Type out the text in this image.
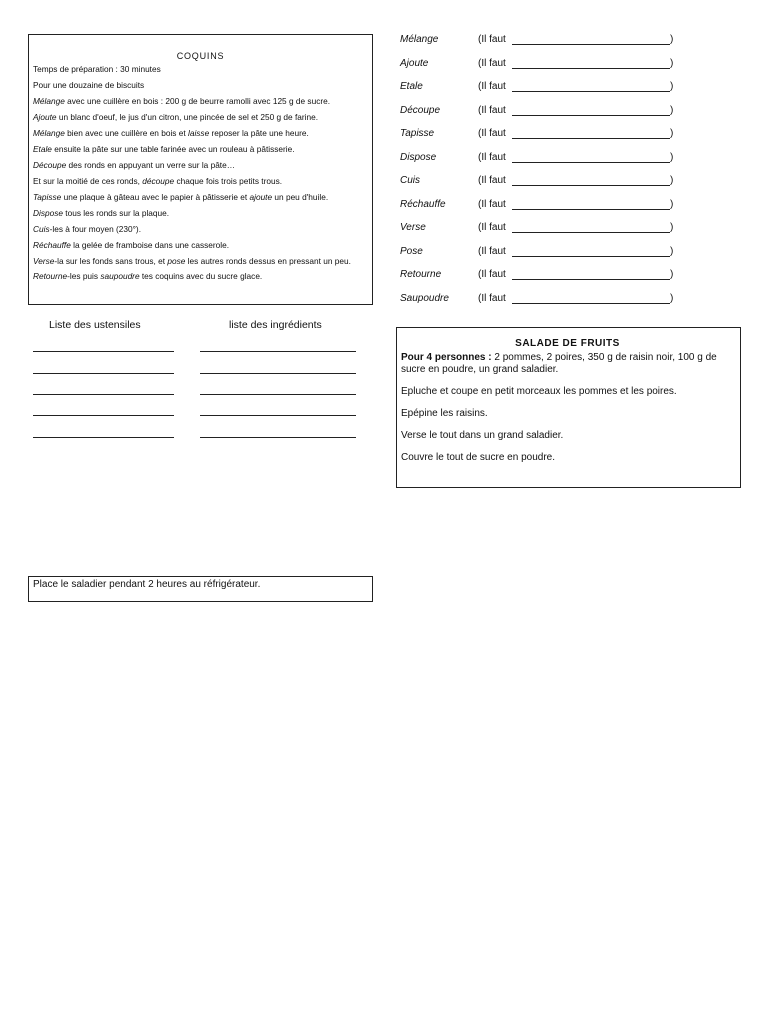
COQUINS
Temps de préparation : 30 minutes
Pour une douzaine de biscuits
Mélange avec une cuillère en bois : 200 g de beurre ramolli avec 125 g de sucre.
Ajoute un blanc d'oeuf, le jus d'un citron, une pincée de sel et 250 g de farine.
Mélange bien avec une cuillère en bois et laisse reposer la pâte une heure.
Etale ensuite la pâte sur une table farinée avec un rouleau à pâtisserie.
Découpe des ronds en appuyant un verre sur la pâte…
Et sur la moitié de ces ronds, découpe chaque fois trois petits trous.
Tapisse une plaque à gâteau avec le papier à pâtisserie et ajoute un peu d'huile.
Dispose tous les ronds sur la plaque.
Cuis-les à four moyen (230°).
Réchauffe la gelée de framboise dans une casserole.
Verse-la sur les fonds sans trous, et pose les autres ronds dessus en pressant un peu.
Retourne-les puis saupoudre tes coquins avec du sucre glace.
Liste des ustensiles	liste des ingrédients
Mélange	(Il faut	)
Ajoute	(Il faut	)
Etale	(Il faut	)
Découpe	(Il faut	)
Tapisse	(Il faut	)
Dispose	(Il faut	)
Cuis	(Il faut	)
Réchauffe	(Il faut	)
Verse	(Il faut	)
Pose	(Il faut	)
Retourne	(Il faut	)
Saupoudre	(Il faut	)
SALADE DE FRUITS
Pour 4 personnes : 2 pommes, 2 poires, 350 g de raisin noir, 100 g de sucre en poudre, un grand saladier.
Epluche et coupe en petit morceaux les pommes et les poires.
Epépine les raisins.
Verse le tout dans un grand saladier.
Couvre le tout de sucre en poudre.
Place le saladier pendant 2 heures au réfrigérateur.
